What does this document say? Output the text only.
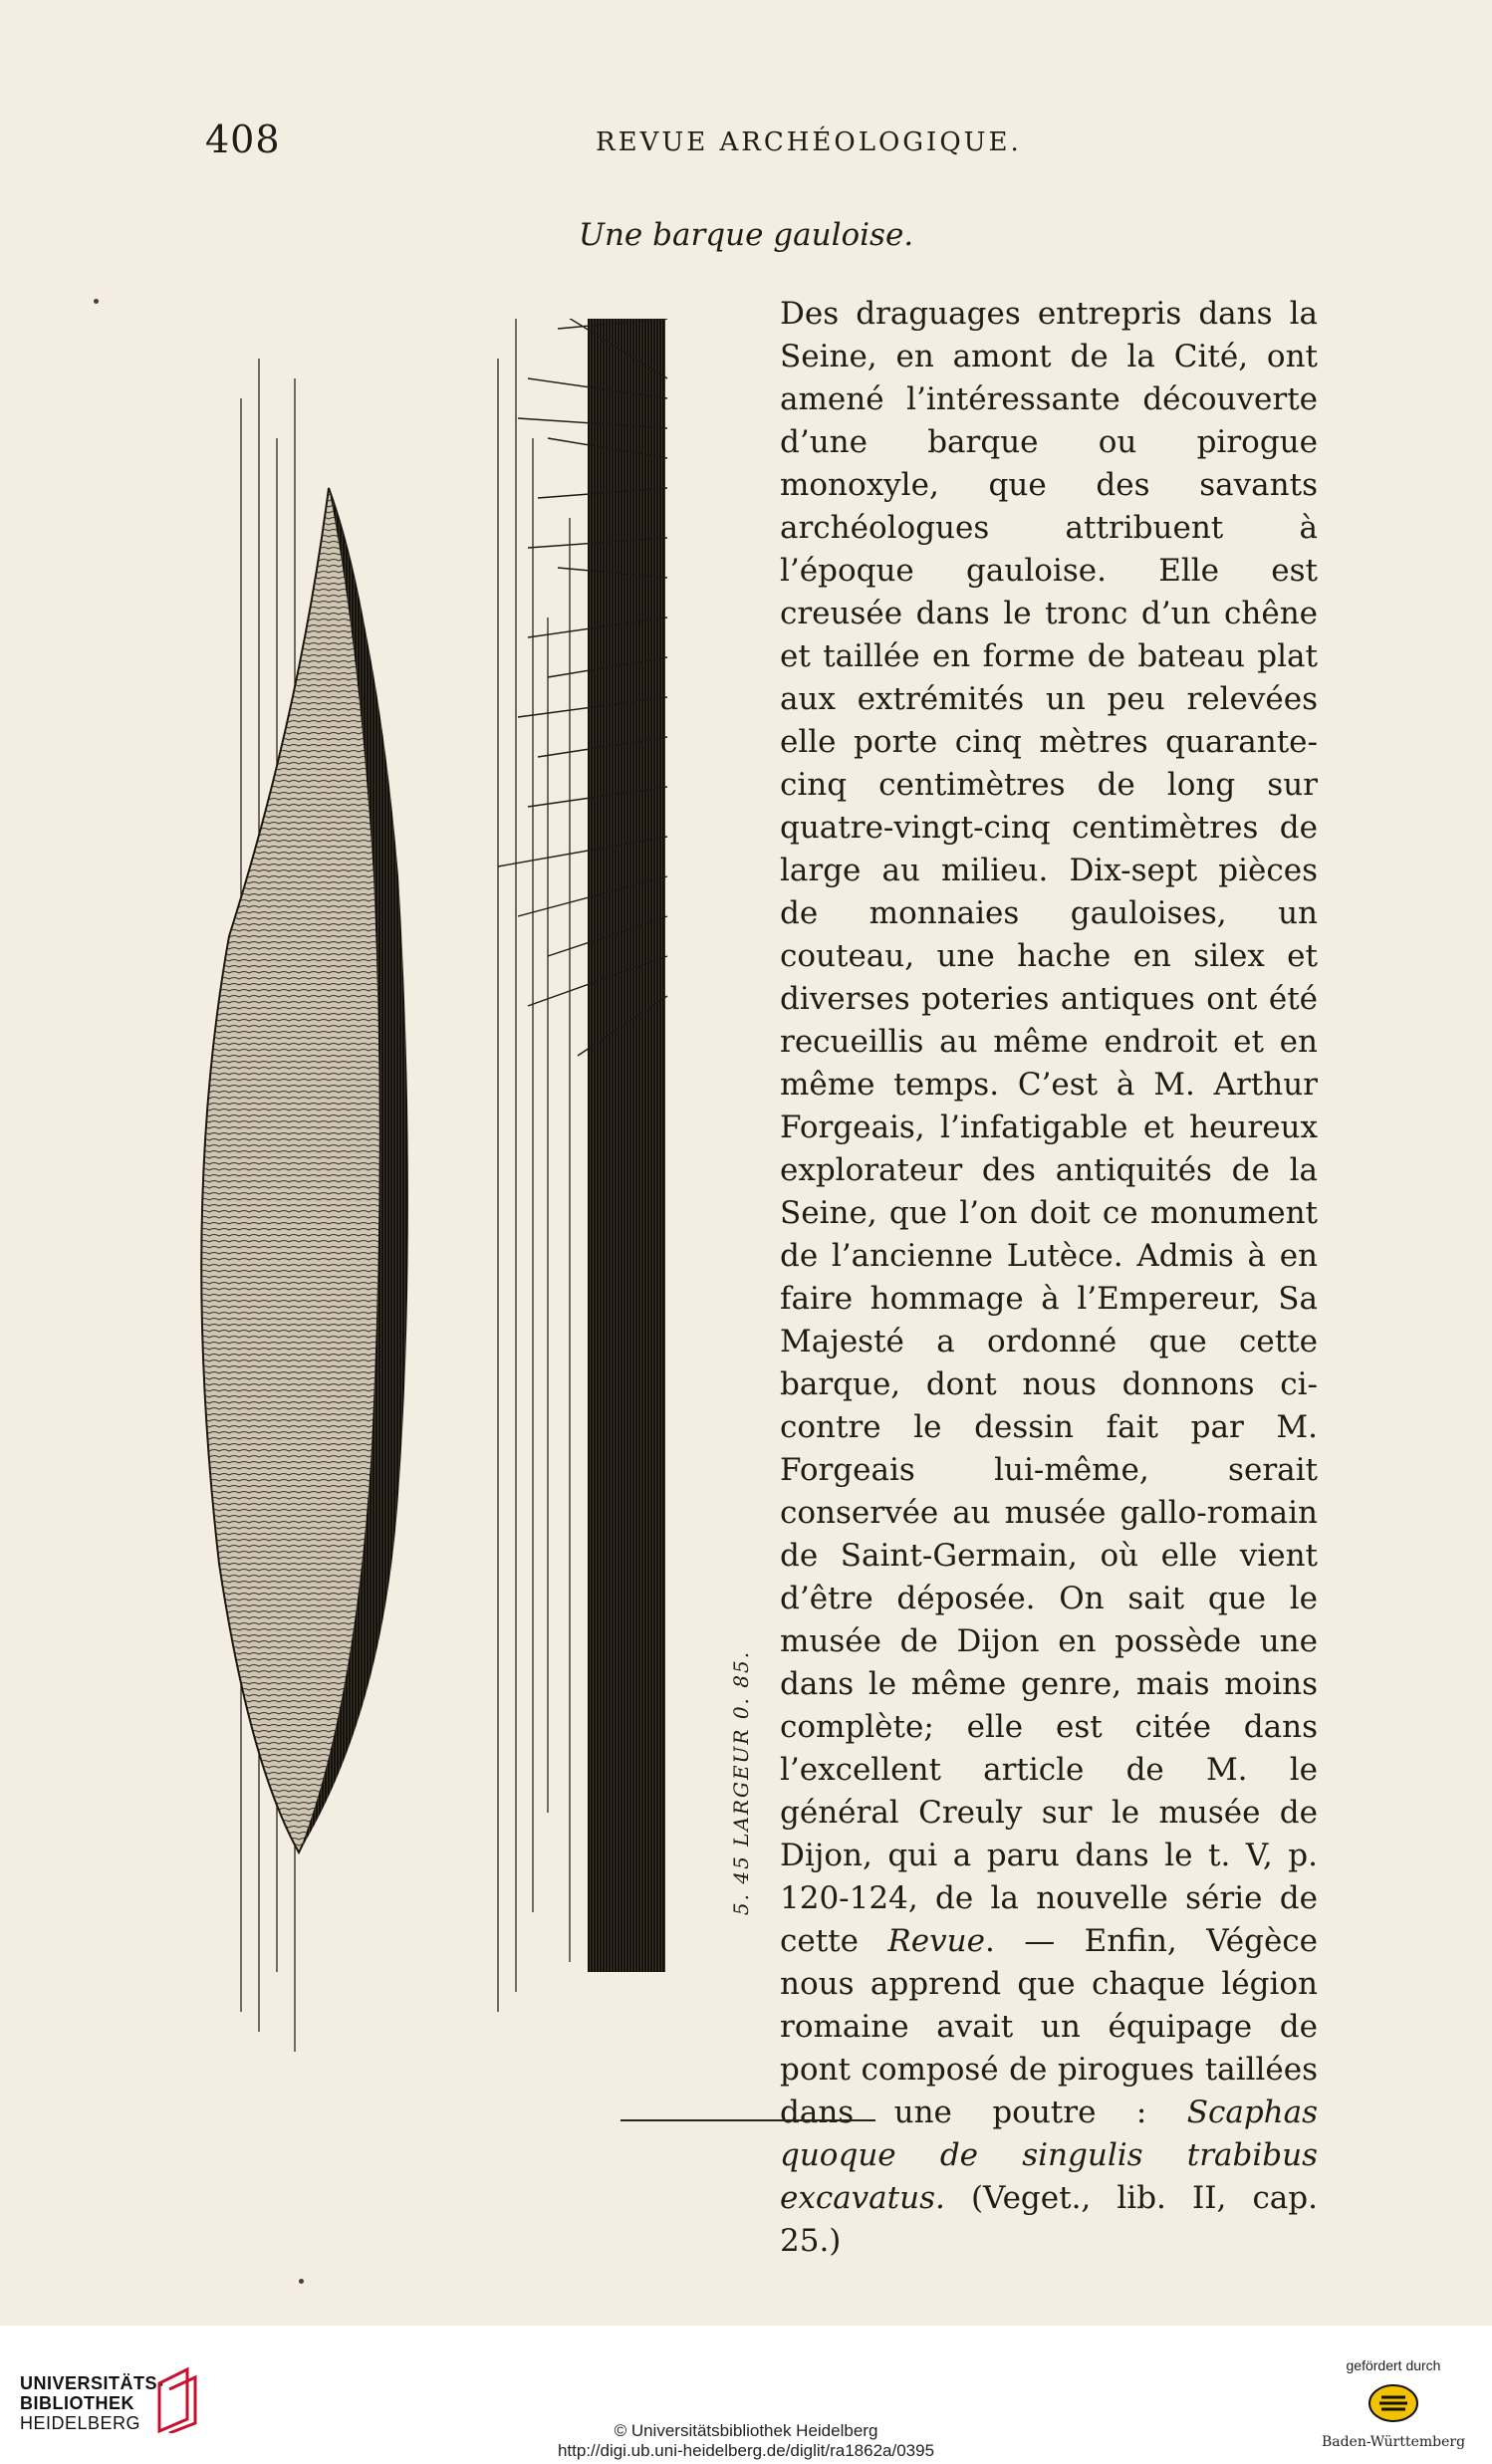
408	REVUE ARCHÉOLOGIQUE.
Une barque gauloise.
5. 45 LARGEUR 0. 85.
Des draguages entrepris dans la Seine, en amont de la Cité, ont amené l’intéressante découverte d’une barque ou pirogue monoxyle, que des savants archéologues attribuent à l’époque gauloise. Elle est creusée dans le tronc d’un chêne et taillée en forme de bateau plat aux extrémités un peu relevées elle porte cinq mètres quarante-cinq centimètres de long sur quatre-vingt-cinq centimètres de large au milieu. Dix-sept pièces de monnaies gauloises, un couteau, une hache en silex et diverses poteries antiques ont été recueillis au même endroit et en même temps. C’est à M. Arthur Forgeais, l’infatigable et heureux explorateur des antiquités de la Seine, que l’on doit ce monument de l’ancienne Lutèce. Admis à en faire hommage à l’Empereur, Sa Majesté a ordonné que cette barque, dont nous donnons ci-contre le dessin fait par M. Forgeais lui-même, serait conservée au musée gallo-romain de Saint-Germain, où elle vient d’être déposée. On sait que le musée de Dijon en possède une dans le même genre, mais moins complète; elle est citée dans l’excellent article de M. le général Creuly sur le musée de Dijon, qui a paru dans le t. V, p. 120-124, de la nouvelle série de cette Revue. — Enfin, Végèce nous apprend que chaque légion romaine avait un équipage de pont composé de pirogues taillées dans une poutre : Scaphas quoque de singulis trabibus excavatus. (Veget., lib. II, cap. 25.)
UNIVERSITÄTS-
BIBLIOTHEK
HEIDELBERG	© Universitätsbibliothek Heidelberg
http://digi.ub.uni-heidelberg.de/diglit/ra1862a/0395
gefördert durch
Baden-Württemberg
